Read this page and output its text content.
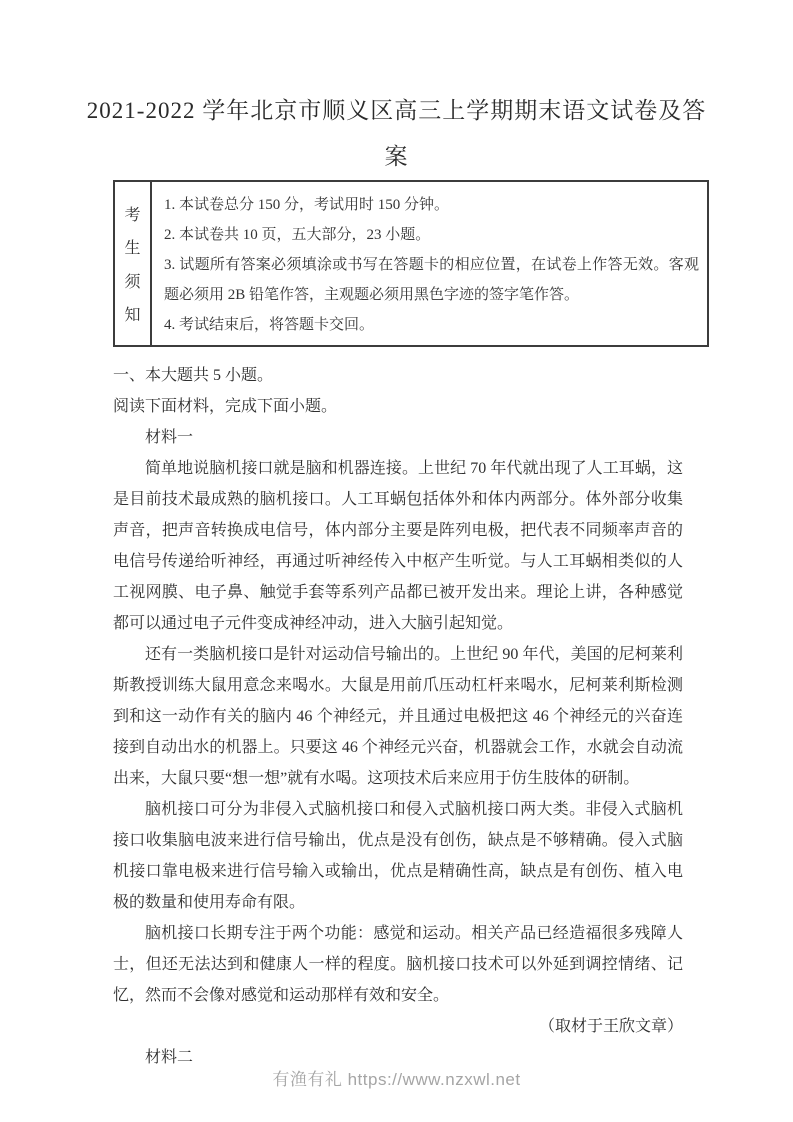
2021-2022 学年北京市顺义区高三上学期期末语文试卷及答
案
考
生
须
知
1. 本试卷总分 150 分，考试用时 150 分钟。
2. 本试卷共 10 页，五大部分，23 小题。
3. 试题所有答案必须填涂或书写在答题卡的相应位置，在试卷上作答无效。客观题必须用 2B 铅笔作答，主观题必须用黑色字迹的签字笔作答。
4. 考试结束后，将答题卡交回。
一、本大题共 5 小题。
阅读下面材料，完成下面小题。
材料一
简单地说脑机接口就是脑和机器连接。上世纪 70 年代就出现了人工耳蜗，这是目前技术最成熟的脑机接口。人工耳蜗包括体外和体内两部分。体外部分收集声音，把声音转换成电信号，体内部分主要是阵列电极，把代表不同频率声音的电信号传递给听神经，再通过听神经传入中枢产生听觉。与人工耳蜗相类似的人工视网膜、电子鼻、触觉手套等系列产品都已被开发出来。理论上讲，各种感觉都可以通过电子元件变成神经冲动，进入大脑引起知觉。
还有一类脑机接口是针对运动信号输出的。上世纪 90 年代，美国的尼柯莱利斯教授训练大鼠用意念来喝水。大鼠是用前爪压动杠杆来喝水，尼柯莱利斯检测到和这一动作有关的脑内 46 个神经元，并且通过电极把这 46 个神经元的兴奋连接到自动出水的机器上。只要这 46 个神经元兴奋，机器就会工作，水就会自动流出来，大鼠只要“想一想”就有水喝。这项技术后来应用于仿生肢体的研制。
脑机接口可分为非侵入式脑机接口和侵入式脑机接口两大类。非侵入式脑机接口收集脑电波来进行信号输出，优点是没有创伤，缺点是不够精确。侵入式脑机接口靠电极来进行信号输入或输出，优点是精确性高，缺点是有创伤、植入电极的数量和使用寿命有限。
脑机接口长期专注于两个功能：感觉和运动。相关产品已经造福很多残障人士，但还无法达到和健康人一样的程度。脑机接口技术可以外延到调控情绪、记忆，然而不会像对感觉和运动那样有效和安全。
（取材于王欣文章）
材料二
有渔有礼 https://www.nzxwl.net
